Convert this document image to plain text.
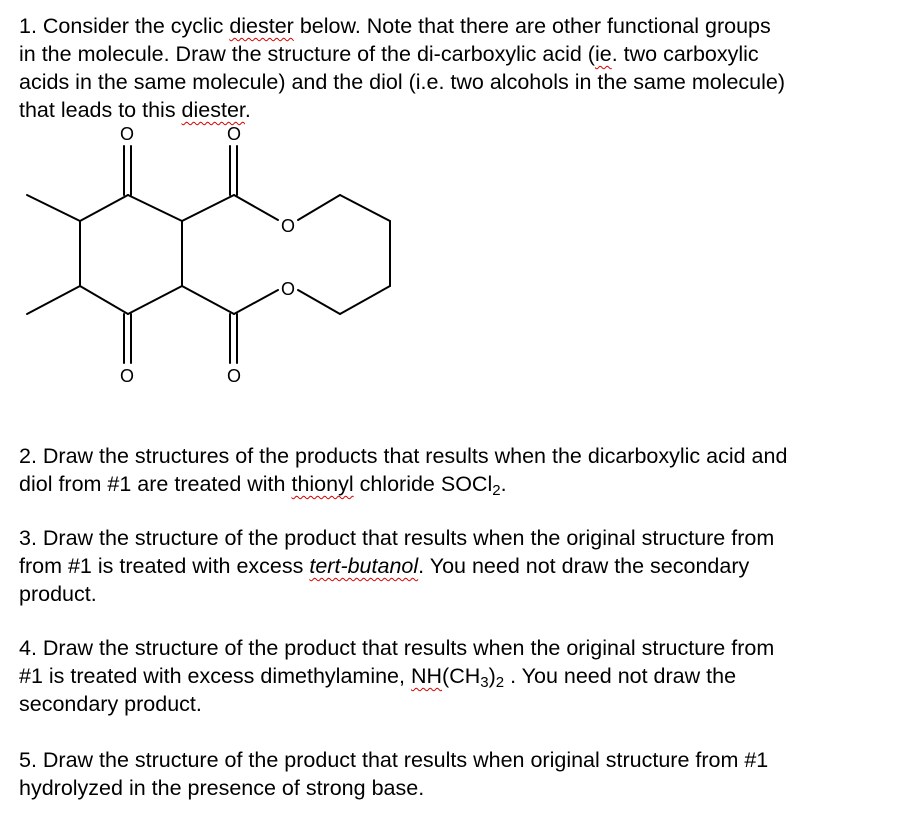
1. Consider the cyclic diester below. Note that there are other functional groups

in the molecule. Draw the structure of the di-carboxylic acid (ie. two carboxylic

acids in the same molecule) and the diol (i.e. two alcohols in the same molecule)

that leads to this diester.

O	O
O
O
O	O

2. Draw the structures of the products that results when the dicarboxylic acid and

diol from #1 are treated with thionyl chloride SOCl$_2$.

3. Draw the structure of the product that results when the original structure from

from #1 is treated with excess tert-butanol. You need not draw the secondary

product.

4. Draw the structure of the product that results when the original structure from

#1 is treated with excess dimethylamine, $NH(CH_3)_2$ . You need not draw the

secondary product.

5. Draw the structure of the product that results when original structure from #1

hydrolyzed in the presence of strong base.
